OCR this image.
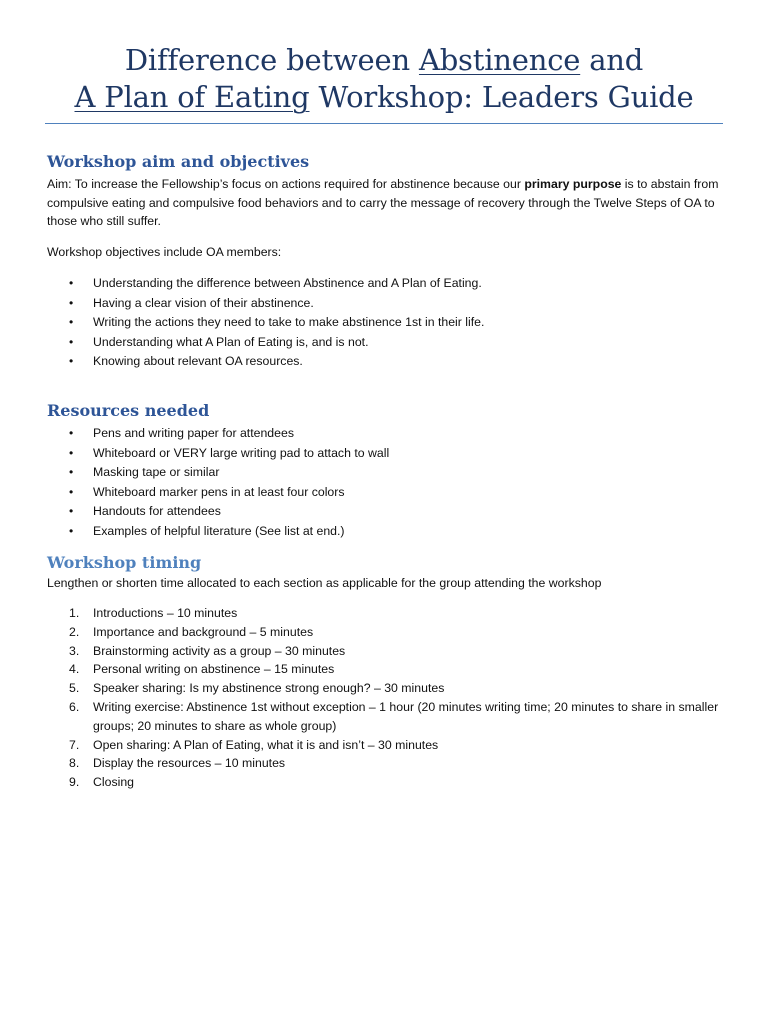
Difference between Abstinence and
A Plan of Eating Workshop: Leaders Guide
Workshop aim and objectives

Aim: To increase the Fellowship’s focus on actions required for abstinence because our primary purpose is to abstain from compulsive eating and compulsive food behaviors and to carry the message of recovery through the Twelve Steps of OA to those who still suffer.

Workshop objectives include OA members:

• Understanding the difference between Abstinence and A Plan of Eating.
• Having a clear vision of their abstinence.
• Writing the actions they need to take to make abstinence 1st in their life.
• Understanding what A Plan of Eating is, and is not.
• Knowing about relevant OA resources.
Resources needed
• Pens and writing paper for attendees
• Whiteboard or VERY large writing pad to attach to wall
• Masking tape or similar
• Whiteboard marker pens in at least four colors
• Handouts for attendees
• Examples of helpful literature (See list at end.)
Workshop timing

Lengthen or shorten time allocated to each section as applicable for the group attending the workshop

1. Introductions – 10 minutes
2. Importance and background – 5 minutes
3. Brainstorming activity as a group – 30 minutes
4. Personal writing on abstinence – 15 minutes
5. Speaker sharing: Is my abstinence strong enough? – 30 minutes
6. Writing exercise: Abstinence 1st without exception – 1 hour (20 minutes writing time; 20 minutes to share in smaller groups; 20 minutes to share as whole group)
7. Open sharing: A Plan of Eating, what it is and isn’t – 30 minutes
8. Display the resources – 10 minutes
9. Closing
